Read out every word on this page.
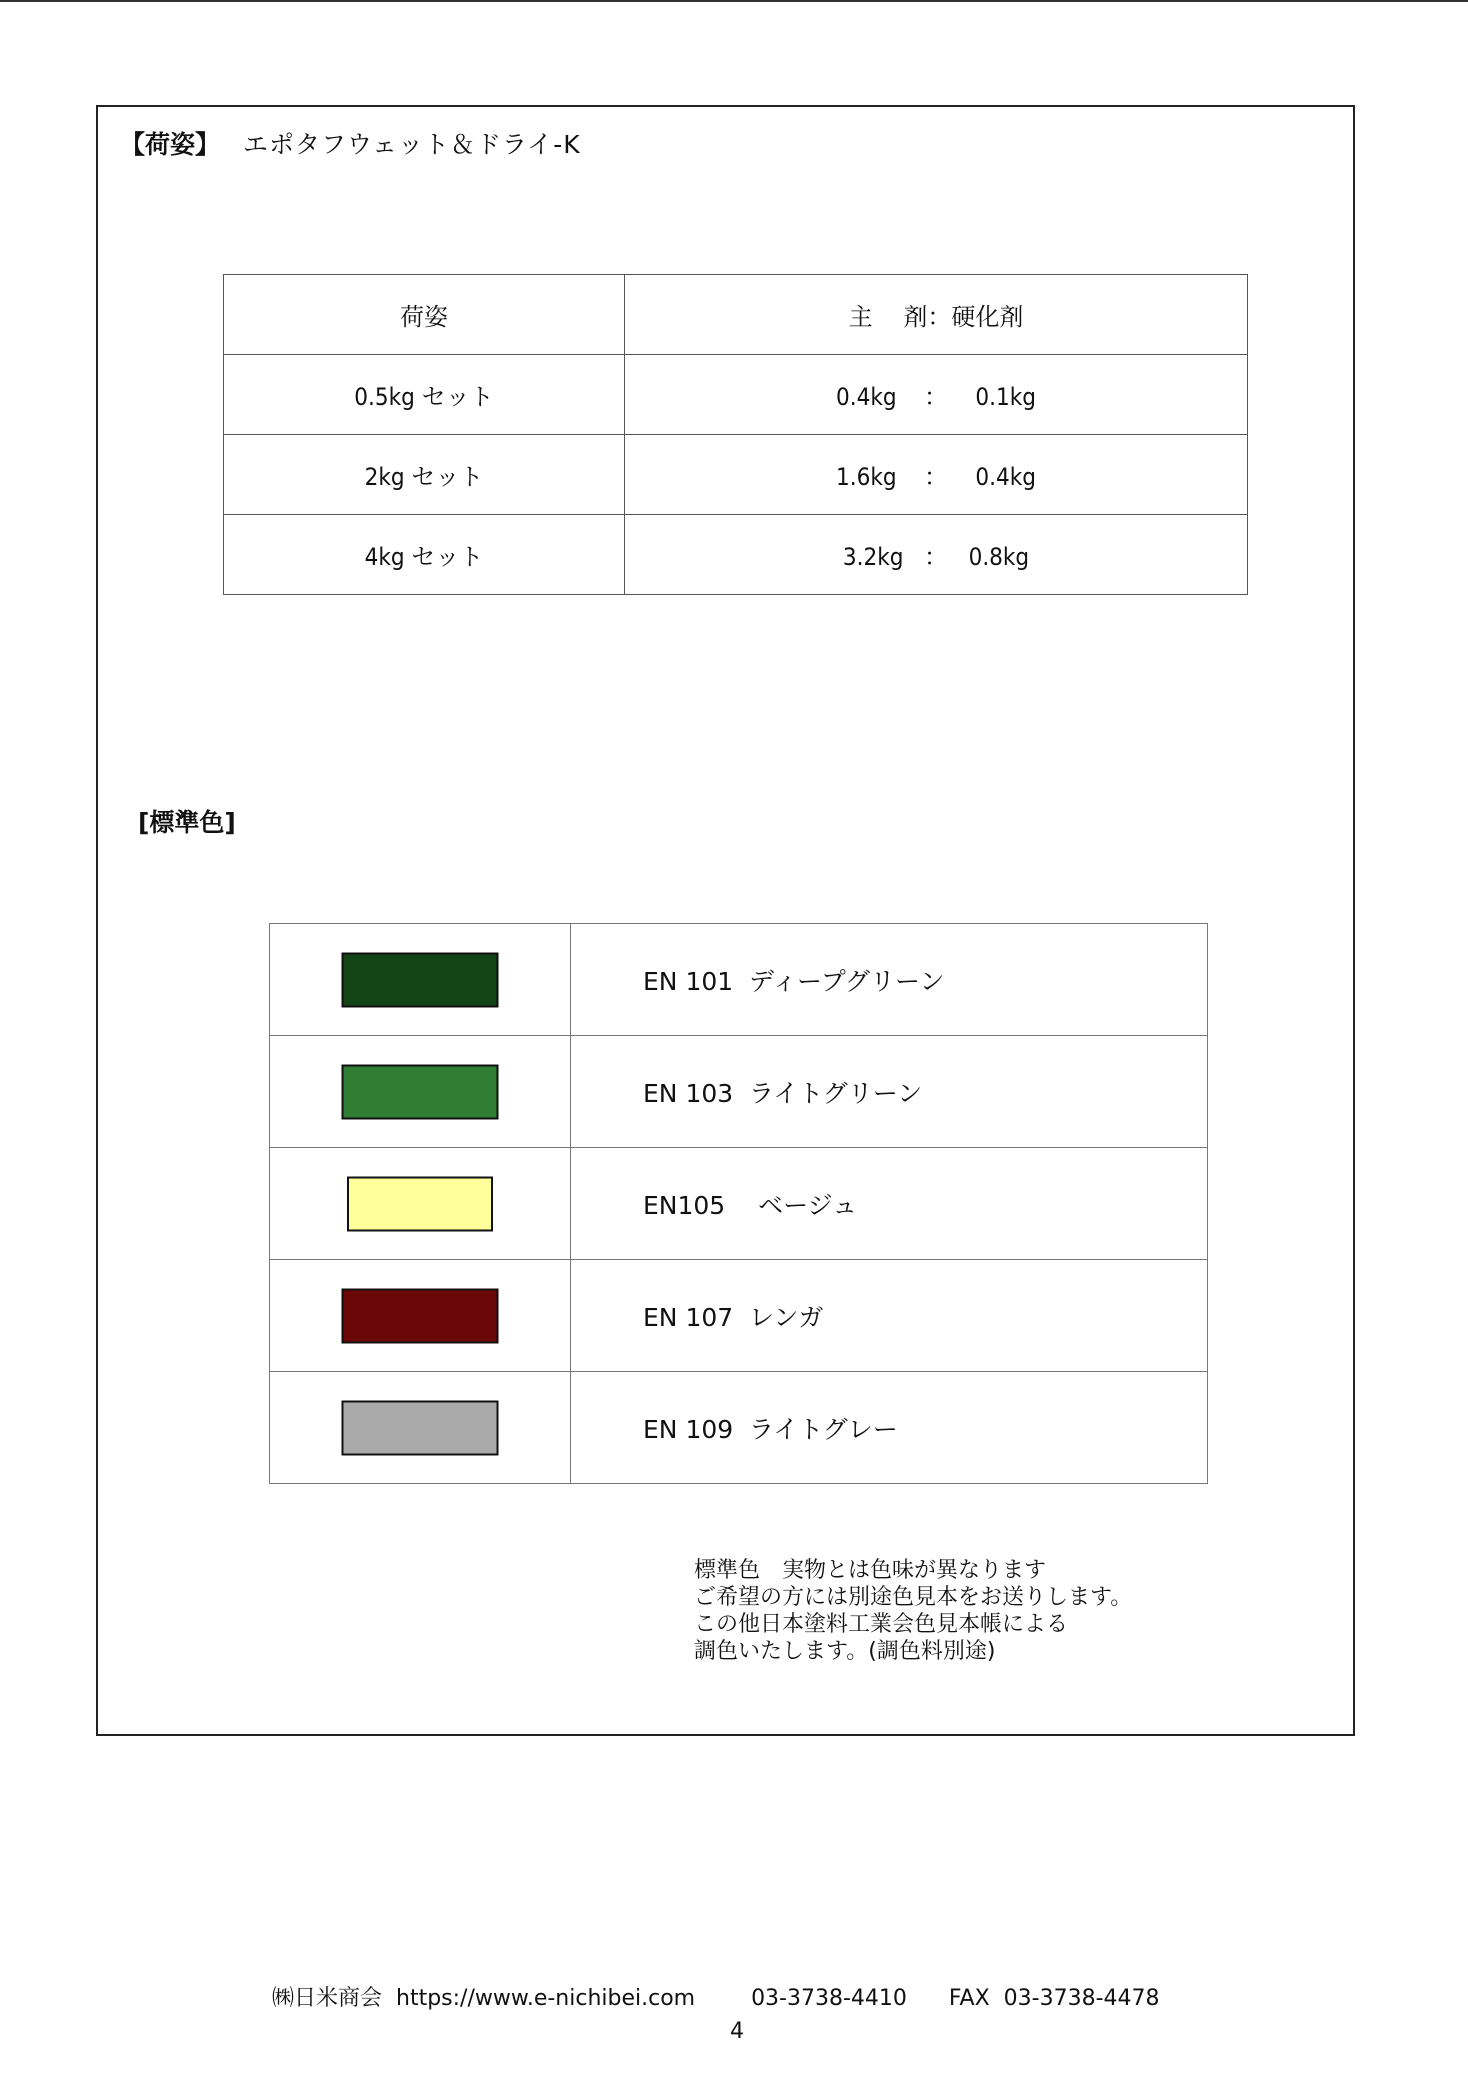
【荷姿】 エポタフウェット＆ドライ-K
荷姿	主　 剤：硬化剤
0.5kg セット	0.4kg ： 0.1kg
2kg セット	1.6kg ： 0.4kg
4kg セット	3.2kg ： 0.8kg
[標準色]
	EN 101  ディープグリーン

	EN 103  ライトグリーン

	EN105　 ベージュ

	EN 107  レンガ

	EN 109  ライトグレー
標準色　実物とは色味が異なります
ご希望の方には別途色見本をお送りします。
この他日本塗料工業会色見本帳による
調色いたします。(調色料別途)
㈱日米商会 https://www.e-nichibei.com	03-3738-4410 FAX 03-3738-4478
4
